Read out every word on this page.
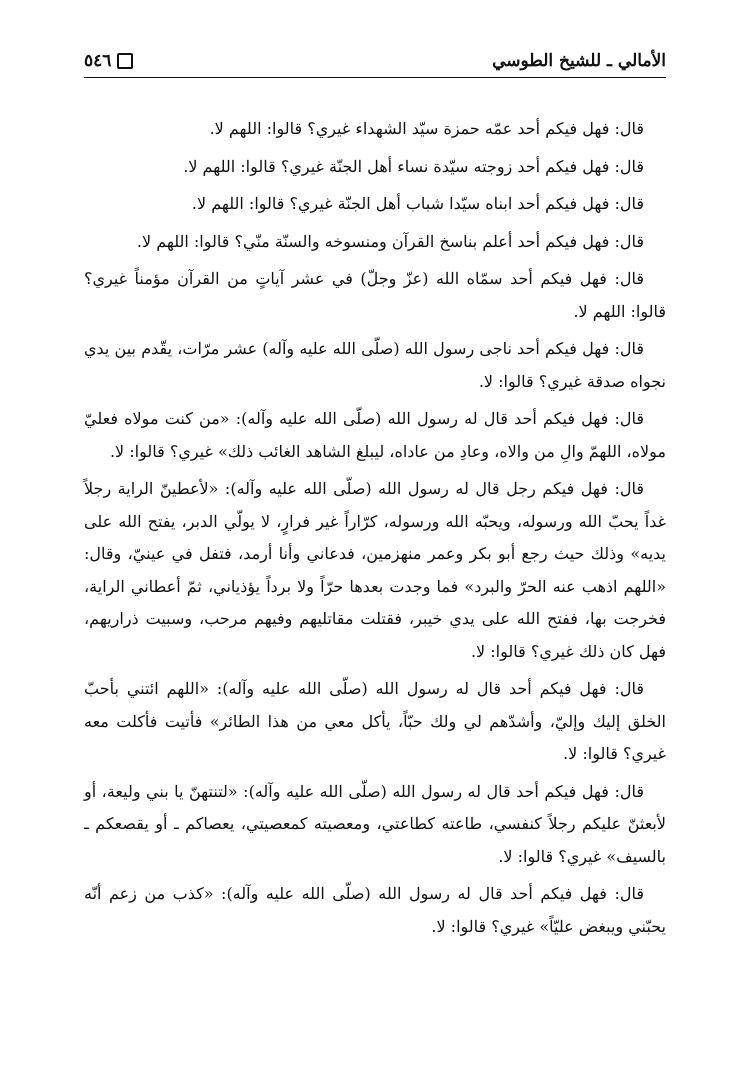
الأمالي ـ للشيخ الطوسي
٥٤٦

قال: فهل فيكم أحد عمّه حمزة سيّد الشهداء غيري؟ قالوا: اللهم لا.

قال: فهل فيكم أحد زوجته سيّدة نساء أهل الجنّة غيري؟ قالوا: اللهم لا.

قال: فهل فيكم أحد ابناه سيّدا شباب أهل الجنّة غيري؟ قالوا: اللهم لا.

قال: فهل فيكم أحد أعلم بناسخ القرآن ومنسوخه والسنّة منّي؟ قالوا: اللهم لا.

قال: فهل فيكم أحد سمّاه الله (عزّ وجلّ) في عشر آياتٍ من القرآن مؤمناً غيري؟ قالوا: اللهم لا.

قال: فهل فيكم أحد ناجى رسول الله (صلّى الله عليه وآله) عشر مرّات، يقّدم بين يدي نجواه صدقة غيري؟ قالوا: لا.

قال: فهل فيكم أحد قال له رسول الله (صلّى الله عليه وآله): «من كنت مولاه فعليّ مولاه، اللهمّ والِ من والاه، وعادِ من عاداه، ليبلغ الشاهد الغائب ذلك» غيري؟ قالوا: لا.

قال: فهل فيكم رجل قال له رسول الله (صلّى الله عليه وآله): «لأعطينّ الراية رجلاً غداً يحبّ الله ورسوله، ويحبّه الله ورسوله، كرّاراً غير فرارٍ، لا يولّي الدبر، يفتح الله على يديه» وذلك حيث رجع أبو بكر وعمر منهزمين، فدعاني وأنا أرمد، فتفل في عينيّ، وقال: «اللهم اذهب عنه الحرّ والبرد» فما وجدت بعدها حرّاً ولا برداً يؤذياني، ثمّ أعطاني الراية، فخرجت بها، ففتح الله على يدي خيبر، فقتلت مقاتليهم وفيهم مرحب، وسبيت ذراريهم، فهل كان ذلك غيري؟ قالوا: لا.

قال: فهل فيكم أحد قال له رسول الله (صلّى الله عليه وآله): «اللهم ائتني بأحبّ الخلق إليك وإليّ، وأشدّهم لي ولك حبّاً، يأكل معي من هذا الطائر» فأتيت فأكلت معه غيري؟ قالوا: لا.

قال: فهل فيكم أحد قال له رسول الله (صلّى الله عليه وآله): «لتنتهنّ يا بني وليعة، أو لأبعثنّ عليكم رجلاً كنفسي، طاعته كطاعتي، ومعصيته كمعصيتي، يعصاكم ـ أو يقصعكم ـ بالسيف» غيري؟ قالوا: لا.

قال: فهل فيكم أحد قال له رسول الله (صلّى الله عليه وآله): «كذب من زعم أنّه يحبّني ويبغض عليّاً» غيري؟ قالوا: لا.
